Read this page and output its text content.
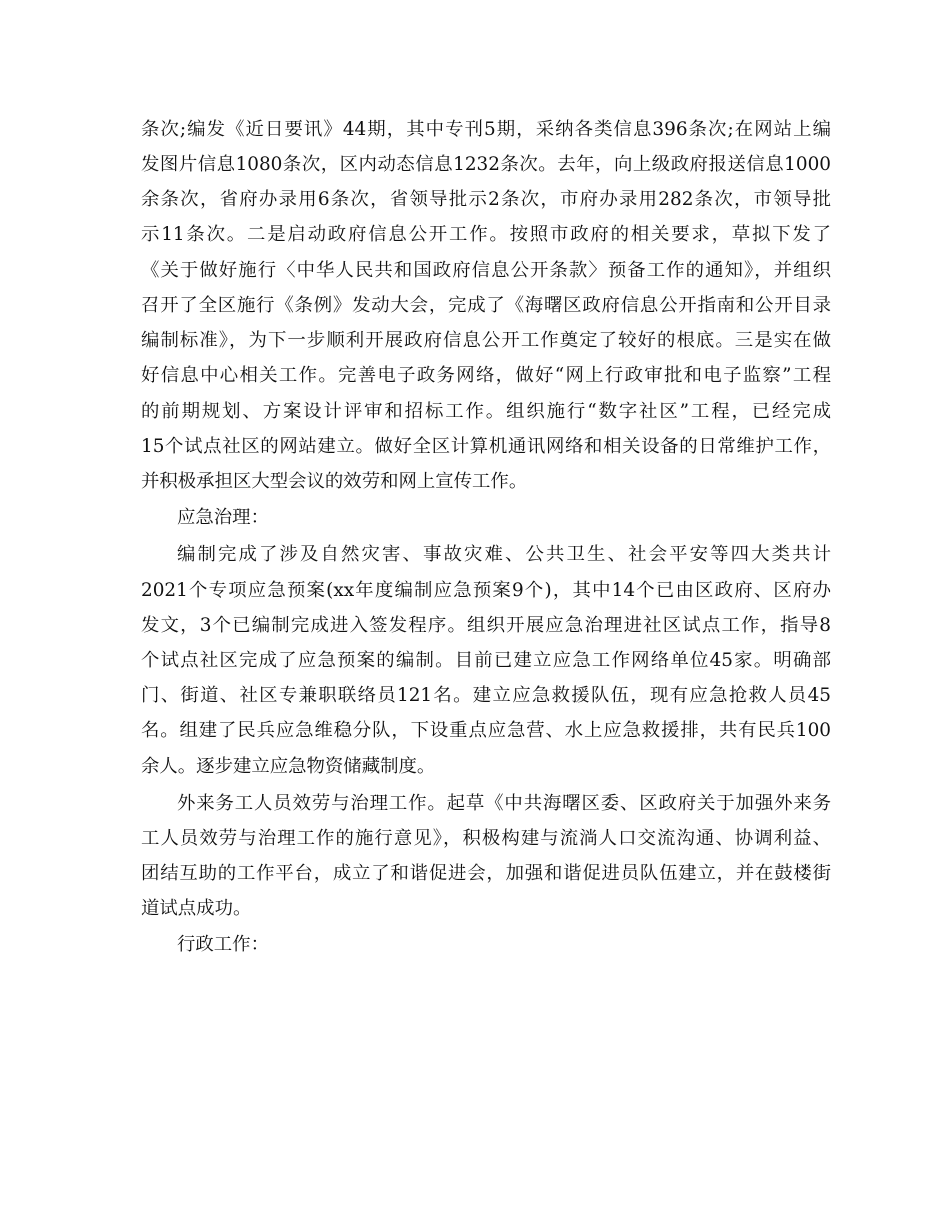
条次;编发《近日要讯》44期，其中专刊5期，采纳各类信息396条次;在网站上编
发图片信息1080条次，区内动态信息1232条次。去年，向上级政府报送信息1000
余条次，省府办录用6条次，省领导批示2条次，市府办录用282条次，市领导批
示11条次。二是启动政府信息公开工作。按照市政府的相关要求，草拟下发了
《关于做好施行〈中华人民共和国政府信息公开条款〉预备工作的通知》，并组织
召开了全区施行《条例》发动大会，完成了《海曙区政府信息公开指南和公开目录
编制标准》，为下一步顺利开展政府信息公开工作奠定了较好的根底。三是实在做
好信息中心相关工作。完善电子政务网络，做好“网上行政审批和电子监察”工程
的前期规划、方案设计评审和招标工作。组织施行“数字社区”工程，已经完成
15个试点社区的网站建立。做好全区计算机通讯网络和相关设备的日常维护工作，
并积极承担区大型会议的效劳和网上宣传工作。
应急治理：
编制完成了涉及自然灾害、事故灾难、公共卫生、社会平安等四大类共计
2021个专项应急预案(xx年度编制应急预案9个)，其中14个已由区政府、区府办
发文，3个已编制完成进入签发程序。组织开展应急治理进社区试点工作，指导8
个试点社区完成了应急预案的编制。目前已建立应急工作网络单位45家。明确部
门、街道、社区专兼职联络员121名。建立应急救援队伍，现有应急抢救人员45
名。组建了民兵应急维稳分队，下设重点应急营、水上应急救援排，共有民兵100
余人。逐步建立应急物资储藏制度。
外来务工人员效劳与治理工作。起草《中共海曙区委、区政府关于加强外来务
工人员效劳与治理工作的施行意见》，积极构建与流淌人口交流沟通、协调利益、
团结互助的工作平台，成立了和谐促进会，加强和谐促进员队伍建立，并在鼓楼街
道试点成功。
行政工作：
